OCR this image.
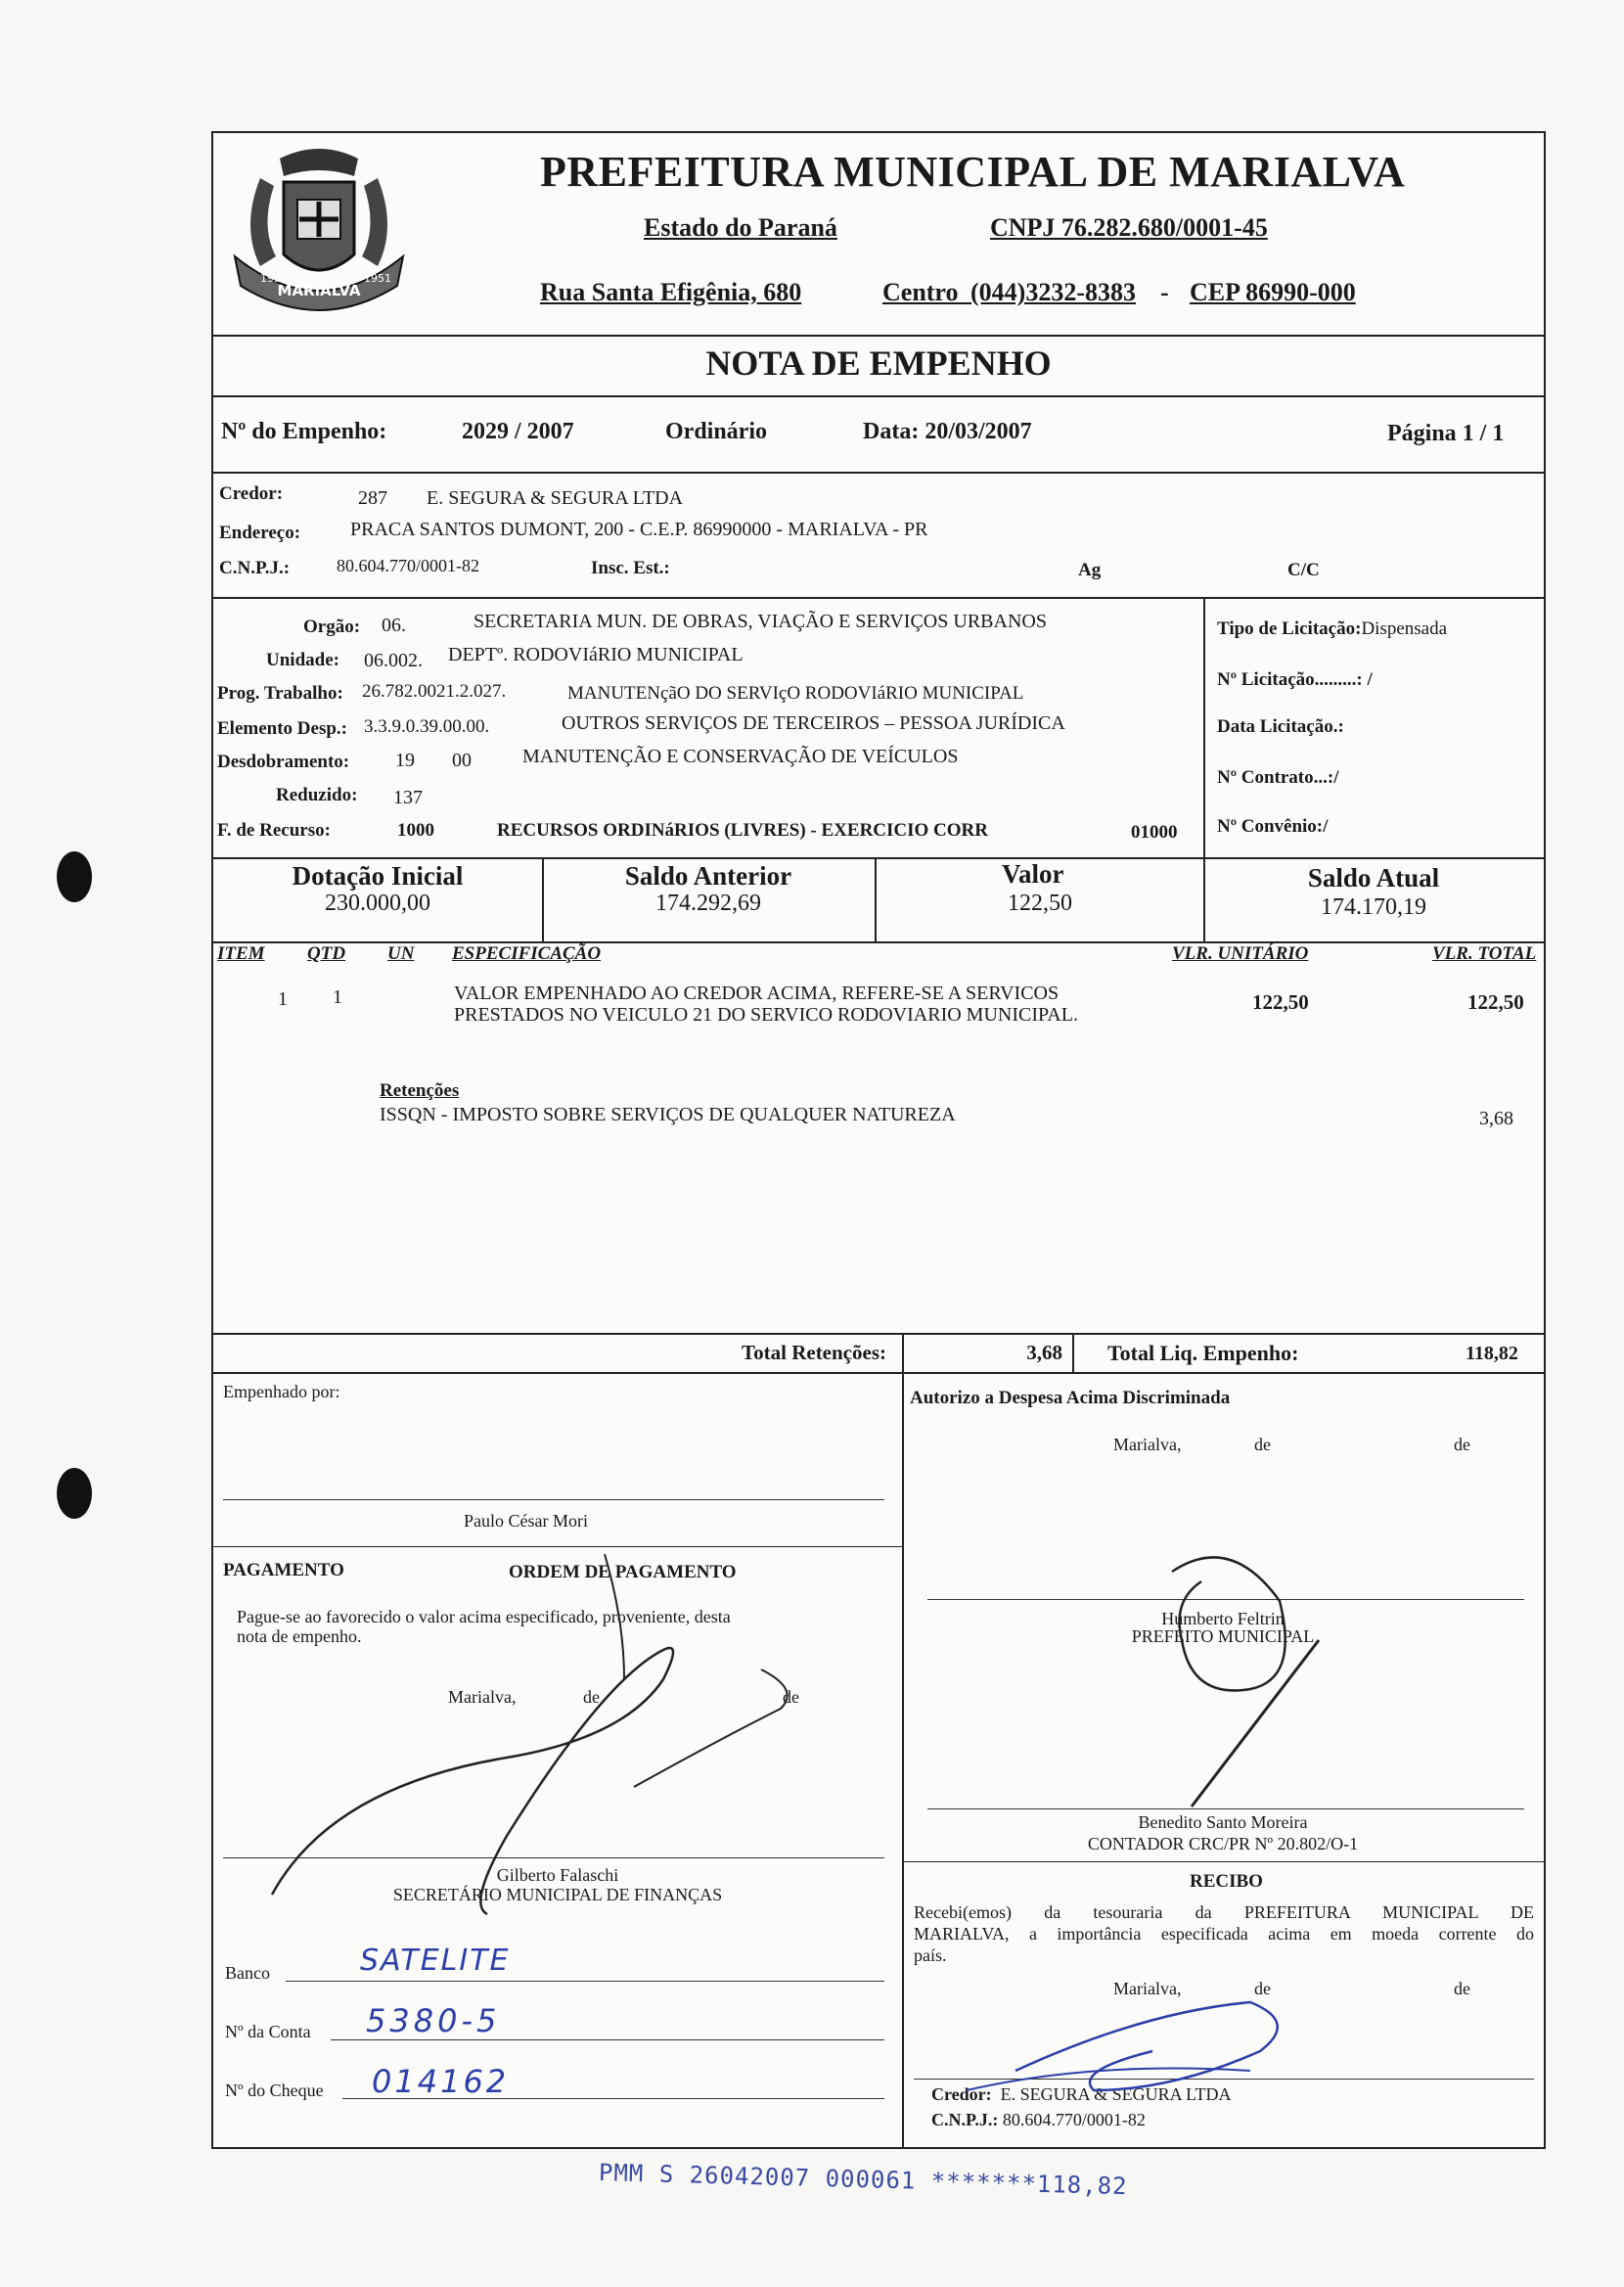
MARIALVA
1951	1951
PREFEITURA MUNICIPAL DE MARIALVA
Estado do Paraná	CNPJ 76.282.680/0001-45
Rua Santa Efigênia, 680	Centro (044)3232-8383 - CEP 86990-000
NOTA DE EMPENHO
Nº do Empenho:	2029 / 2007	Ordinário	Data: 20/03/2007	Página 1 / 1
Credor:	287 E. SEGURA & SEGURA LTDA
Endereço:	PRACA SANTOS DUMONT, 200 - C.E.P. 86990000 - MARIALVA - PR
C.N.P.J.:	80.604.770/0001-82	Insc. Est.:	Ag	C/C
Orgão: 06.	SECRETARIA MUN. DE OBRAS, VIAÇÃO E SERVIÇOS URBANOS
Unidade: 06.002. DEPTº. RODOVIáRIO MUNICIPAL
Prog. Trabalho: 26.782.0021.2.027.	MANUTENçãO DO SERVIçO RODOVIáRIO MUNICIPAL
Elemento Desp.: 3.3.9.0.39.00.00.	OUTROS SERVIÇOS DE TERCEIROS – PESSOA JURÍDICA
Desdobramento: 19 00	MANUTENÇÃO E CONSERVAÇÃO DE VEÍCULOS
Reduzido: 137
F. de Recurso:	1000	RECURSOS ORDINáRIOS (LIVRES) - EXERCICIO CORR	01000
Tipo de Licitação:Dispensada
Nº Licitação.........: /
Data Licitação.:
Nº Contrato...:/
Nº Convênio:/
Dotação Inicial
230.000,00
Saldo Anterior
174.292,69
Valor
122,50
Saldo Atual
174.170,19
ITEM QTD UN ESPECIFICAÇÃO	VLR. UNITÁRIO	VLR. TOTAL
1 1	VALOR EMPENHADO AO CREDOR ACIMA, REFERE-SE A SERVICOS
PRESTADOS NO VEICULO 21 DO SERVICO RODOVIARIO MUNICIPAL.
122,50	122,50
Retenções
ISSQN - IMPOSTO SOBRE SERVIÇOS DE QUALQUER NATUREZA	3,68
Total Retenções:	3,68 Total Liq. Empenho:	118,82
Empenhado por:
Paulo César Mori
Autorizo a Despesa Acima Discriminada
Marialva,	de	de
Humberto Feltrin
PREFEITO MUNICIPAL
Benedito Santo Moreira
CONTADOR CRC/PR Nº 20.802/O-1
PAGAMENTO	ORDEM DE PAGAMENTO
Pague-se ao favorecido o valor acima especificado, proveniente, desta
nota de empenho.
Marialva,	de	de
Gilberto Falaschi
SECRETÁRIO MUNICIPAL DE FINANÇAS
Banco	SATELITE
Nº da Conta 5380-5
Nº do Cheque 014162
RECIBO
Recebi(emos) da tesouraria da PREFEITURA MUNICIPAL DE
MARIALVA, a importância especificada acima em moeda corrente do
país.
Marialva,	de	de
Credor: E. SEGURA & SEGURA LTDA
C.N.P.J.: 80.604.770/0001-82
PMM S 26042007 000061 *******118,82
